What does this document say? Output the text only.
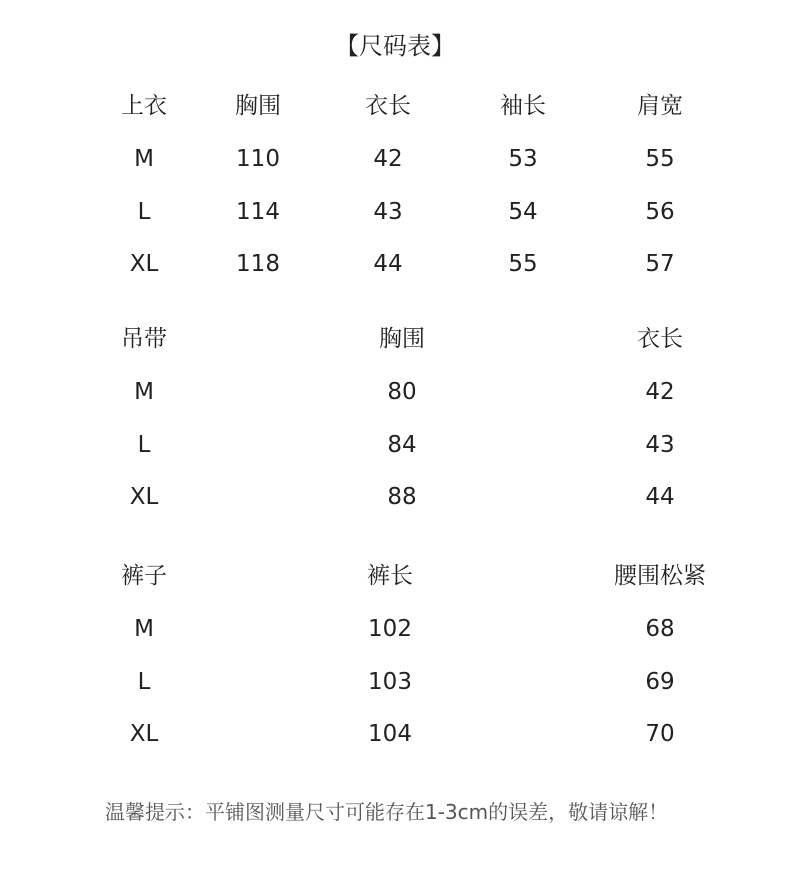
【尺码表】
上衣	胸围	衣长	袖长	肩宽
M	110	42	53	55
L	114	43	54	56
XL	118	44	55	57
吊带	胸围	衣长
M	80	42
L	84	43
XL	88	44
裤子	裤长	腰围松紧
M	102	68
L	103	69
XL	104	70
温馨提示：平铺图测量尺寸可能存在1-3cm的误差，敬请谅解！
